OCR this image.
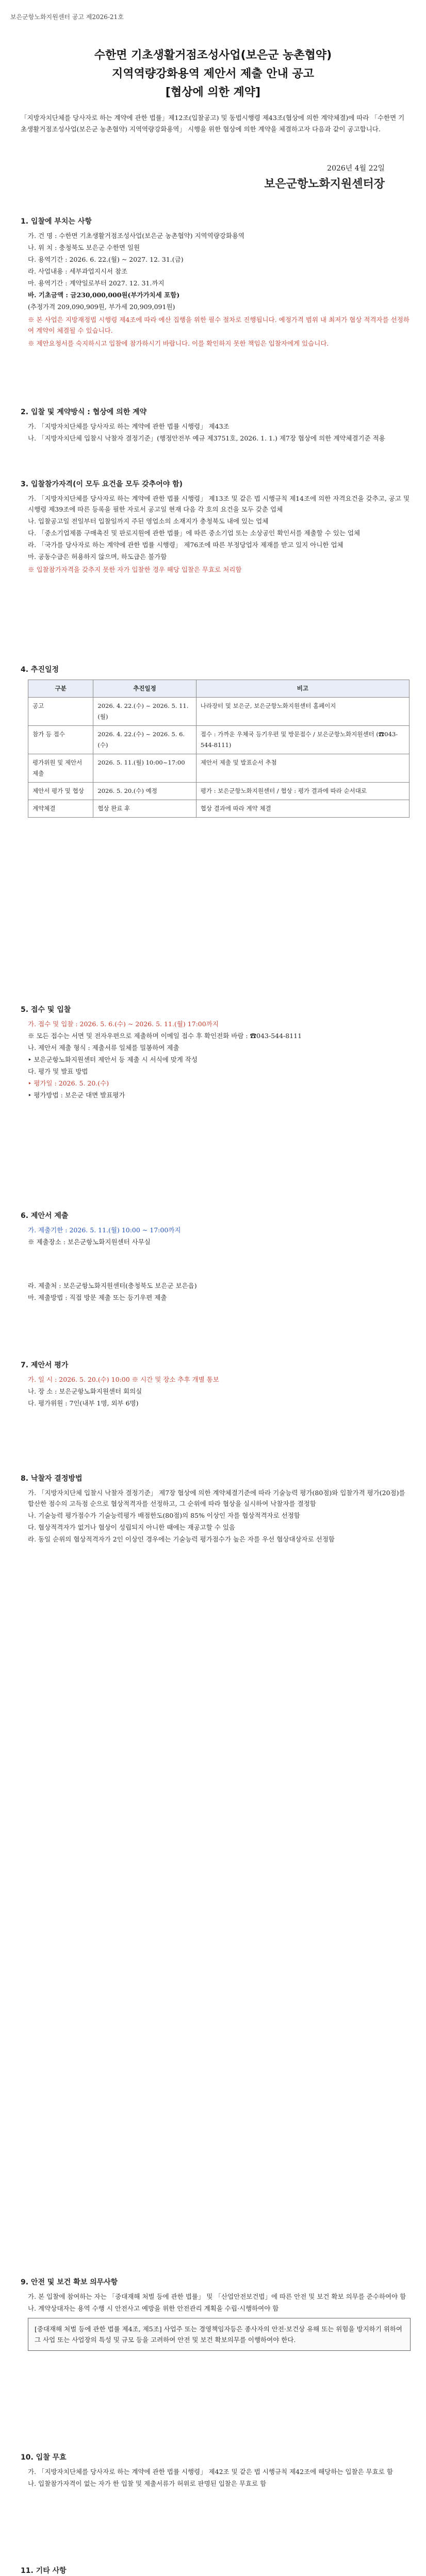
보은군항노화지원센터 공고 제2026-21호
수한면 기초생활거점조성사업(보은군 농촌협약)
지역역량강화용역 제안서 제출 안내 공고
[협상에 의한 계약]
「지방자치단체를 당사자로 하는 계약에 관한 법률」제12조(입찰공고) 및 동법시행령 제43조(협상에 의한 계약체결)에 따라 「수한면 기초생활거점조성사업(보은군 농촌협약) 지역역량강화용역」 시행을 위한 협상에 의한 계약을 체결하고자 다음과 같이 공고합니다.
2026년 4월 22일
보은군항노화지원센터장
1. 입찰에 부치는 사항
가. 건 명 : 수한면 기초생활거점조성사업(보은군 농촌협약) 지역역량강화용역
나. 위 치 : 충청북도 보은군 수한면 일원
다. 용역기간 : 2026. 6. 22.(월) ~ 2027. 12. 31.(금)
라. 사업내용 : 세부과업지시서 참조
마. 용역기간 : 계약일로부터 2027. 12. 31.까지
바. 기초금액 : 금230,000,000원(부가가치세 포함)
(추정가격 209,090,909원, 부가세 20,909,091원)
※ 본 사업은 지방재정법 시행령 제4조에 따라 예산 집행을 위한 필수 절차로 진행됩니다. 예정가격 범위 내 최저가 협상 적격자를 선정하여 계약이 체결될 수 있습니다.
※ 제안요청서를 숙지하시고 입찰에 참가하시기 바랍니다. 이를 확인하지 못한 책임은 입찰자에게 있습니다.
2. 입찰 및 계약방식 : 협상에 의한 계약
가. 「지방자치단체를 당사자로 하는 계약에 관한 법률 시행령」 제43조
나. 「지방자치단체 입찰시 낙찰자 결정기준」(행정안전부 예규 제3751호, 2026. 1. 1.) 제7장 협상에 의한 계약체결기준 적용
3. 입찰참가자격(이 모두 요건을 모두 갖추어야 함)
가. 「지방자치단체를 당사자로 하는 계약에 관한 법률 시행령」 제13조 및 같은 법 시행규칙 제14조에 의한 자격요건을 갖추고, 공고 및 시행령 제39조에 따른 등록을 필한 자로서 공고일 현재 다음 각 호의 요건을 모두 갖춘 업체
나. 입찰공고일 전일부터 입찰일까지 주된 영업소의 소재지가 충청북도 내에 있는 업체
다. 「중소기업제품 구매촉진 및 판로지원에 관한 법률」에 따른 중소기업 또는 소상공인 확인서를 제출할 수 있는 업체
라. 「국가를 당사자로 하는 계약에 관한 법률 시행령」 제76조에 따른 부정당업자 제재를 받고 있지 아니한 업체
마. 공동수급은 허용하지 않으며, 하도급은 불가함
※ 입찰참가자격을 갖추지 못한 자가 입찰한 경우 해당 입찰은 무효로 처리함
4. 추진일정
구분	추진일정	비고
공고	2026. 4. 22.(수) ~ 2026. 5. 11.(월)	나라장터 및 보은군, 보은군항노화지원센터 홈페이지
참가 등 접수	2026. 4. 22.(수) ~ 2026. 5. 6.(수)	접수 : 가까운 우체국 등기우편 및 방문접수 / 보은군항노화지원센터 (☎043-544-8111)
평가위원 및 제안서 제출	2026. 5. 11.(월) 10:00~17:00	제안서 제출 및 발표순서 추첨
제안서 평가 및 협상	2026. 5. 20.(수) 예정	평가 : 보은군항노화지원센터 / 협상 : 평가 결과에 따라 순서대로
계약체결	협상 완료 후	협상 결과에 따라 계약 체결
5. 접수 및 입찰
가. 접수 및 입찰 : 2026. 5. 6.(수) ~ 2026. 5. 11.(월) 17:00까지
※ 모든 접수는 서면 및 전자우편으로 제출하며 이메일 접수 후 확인전화 바람 : ☎043-544-8111
나. 제안서 제출 형식 : 제출서류 일체를 밀봉하여 제출
‣ 보은군항노화지원센터 제안서 등 제출 시 서식에 맞게 작성
다. 평가 및 발표 방법
‣ 평가일 : 2026. 5. 20.(수)
‣ 평가방법 : 보은군 대면 발표평가
6. 제안서 제출
가. 제출기한 : 2026. 5. 11.(월) 10:00 ~ 17:00까지
※ 제출장소 : 보은군항노화지원센터 사무실
라. 제출처 : 보은군항노화지원센터(충청북도 보은군 보은읍)
마. 제출방법 : 직접 방문 제출 또는 등기우편 제출
7. 제안서 평가
가. 일 시 : 2026. 5. 20.(수) 10:00 ※ 시간 및 장소 추후 개별 통보
나. 장 소 : 보은군항노화지원센터 회의실
다. 평가위원 : 7인(내부 1명, 외부 6명)
8. 낙찰자 결정방법
가. 「지방자치단체 입찰시 낙찰자 결정기준」 제7장 협상에 의한 계약체결기준에 따라 기술능력 평가(80점)와 입찰가격 평가(20점)를 합산한 점수의 고득점 순으로 협상적격자를 선정하고, 그 순위에 따라 협상을 실시하여 낙찰자를 결정함
나. 기술능력 평가점수가 기술능력평가 배점한도(80점)의 85% 이상인 자를 협상적격자로 선정함
다. 협상적격자가 없거나 협상이 성립되지 아니한 때에는 재공고할 수 있음
라. 동일 순위의 협상적격자가 2인 이상인 경우에는 기술능력 평가점수가 높은 자를 우선 협상대상자로 선정함
9. 안전 및 보건 확보 의무사항
가. 본 입찰에 참여하는 자는 「중대재해 처벌 등에 관한 법률」 및 「산업안전보건법」에 따른 안전 및 보건 확보 의무를 준수하여야 함
나. 계약상대자는 용역 수행 시 안전사고 예방을 위한 안전관리 계획을 수립·시행하여야 함
[중대재해 처벌 등에 관한 법률 제4조, 제5조] 사업주 또는 경영책임자등은 종사자의 안전·보건상 유해 또는 위험을 방지하기 위하여 그 사업 또는 사업장의 특성 및 규모 등을 고려하여 안전 및 보건 확보의무를 이행하여야 한다.
10. 입찰 무효
가. 「지방자치단체를 당사자로 하는 계약에 관한 법률 시행령」 제42조 및 같은 법 시행규칙 제42조에 해당하는 입찰은 무효로 함
나. 입찰참가자격이 없는 자가 한 입찰 및 제출서류가 허위로 판명된 입찰은 무효로 함
11. 기타 사항
